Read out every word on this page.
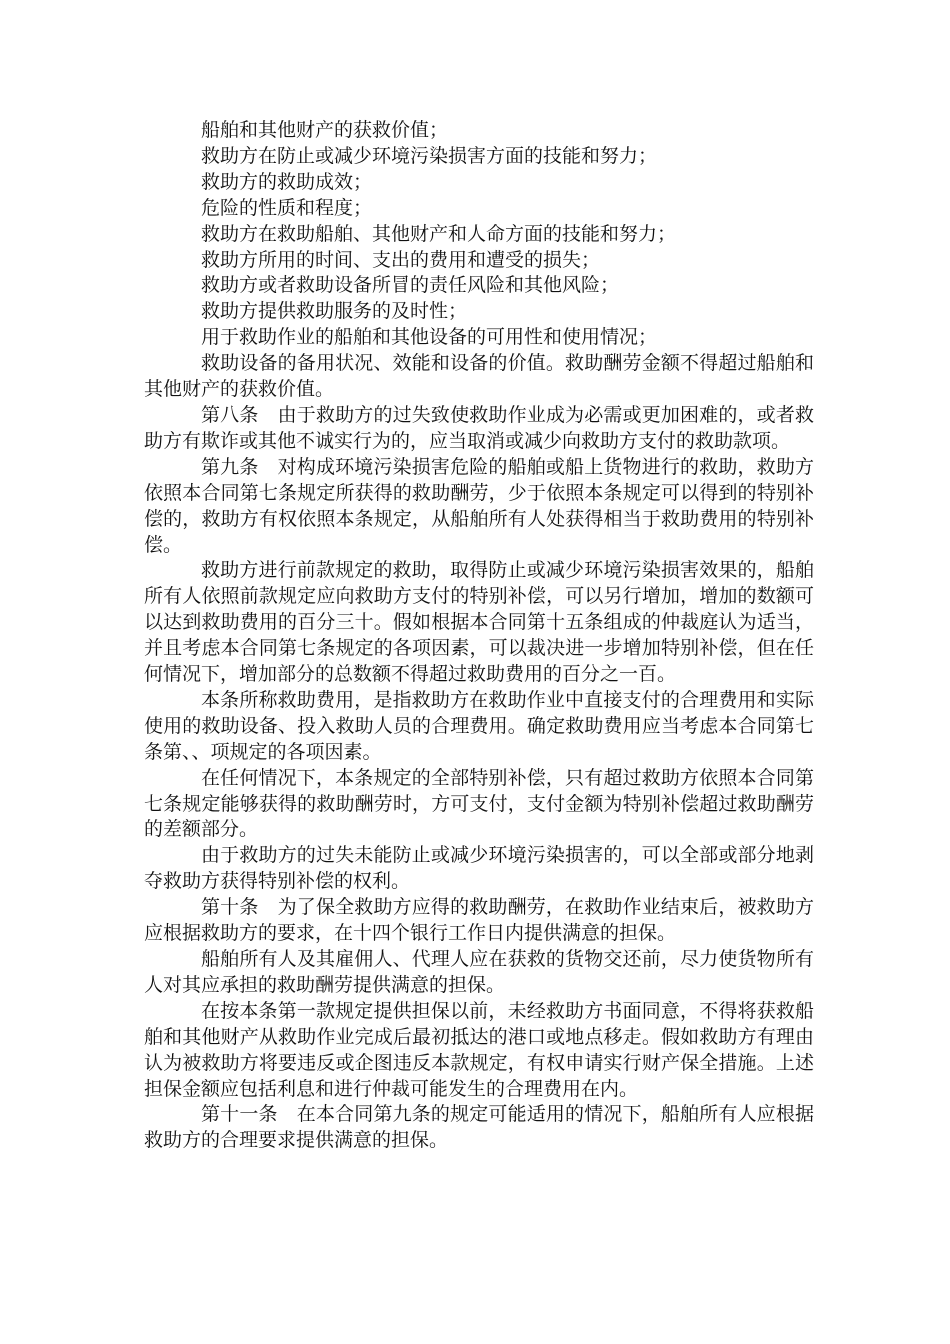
船舶和其他财产的获救价值；

救助方在防止或减少环境污染损害方面的技能和努力；

救助方的救助成效；

危险的性质和程度；

救助方在救助船舶、其他财产和人命方面的技能和努力；

救助方所用的时间、支出的费用和遭受的损失；

救助方或者救助设备所冒的责任风险和其他风险；

救助方提供救助服务的及时性；

用于救助作业的船舶和其他设备的可用性和使用情况；

救助设备的备用状况、效能和设备的价值。救助酬劳金额不得超过船舶和其他财产的获救价值。

第八条　由于救助方的过失致使救助作业成为必需或更加困难的，或者救助方有欺诈或其他不诚实行为的，应当取消或减少向救助方支付的救助款项。

第九条　对构成环境污染损害危险的船舶或船上货物进行的救助，救助方依照本合同第七条规定所获得的救助酬劳，少于依照本条规定可以得到的特别补偿的，救助方有权依照本条规定，从船舶所有人处获得相当于救助费用的特别补偿。

救助方进行前款规定的救助，取得防止或减少环境污染损害效果的，船舶所有人依照前款规定应向救助方支付的特别补偿，可以另行增加，增加的数额可以达到救助费用的百分三十。假如根据本合同第十五条组成的仲裁庭认为适当，并且考虑本合同第七条规定的各项因素，可以裁决进一步增加特别补偿，但在任何情况下，增加部分的总数额不得超过救助费用的百分之一百。

本条所称救助费用，是指救助方在救助作业中直接支付的合理费用和实际使用的救助设备、投入救助人员的合理费用。确定救助费用应当考虑本合同第七条第、、项规定的各项因素。

在任何情况下，本条规定的全部特别补偿，只有超过救助方依照本合同第七条规定能够获得的救助酬劳时，方可支付，支付金额为特别补偿超过救助酬劳的差额部分。

由于救助方的过失未能防止或减少环境污染损害的，可以全部或部分地剥夺救助方获得特别补偿的权利。

第十条　为了保全救助方应得的救助酬劳，在救助作业结束后，被救助方应根据救助方的要求，在十四个银行工作日内提供满意的担保。

船舶所有人及其雇佣人、代理人应在获救的货物交还前，尽力使货物所有人对其应承担的救助酬劳提供满意的担保。

在按本条第一款规定提供担保以前，未经救助方书面同意，不得将获救船舶和其他财产从救助作业完成后最初抵达的港口或地点移走。假如救助方有理由认为被救助方将要违反或企图违反本款规定，有权申请实行财产保全措施。上述担保金额应包括利息和进行仲裁可能发生的合理费用在内。

第十一条　在本合同第九条的规定可能适用的情况下，船舶所有人应根据救助方的合理要求提供满意的担保。
